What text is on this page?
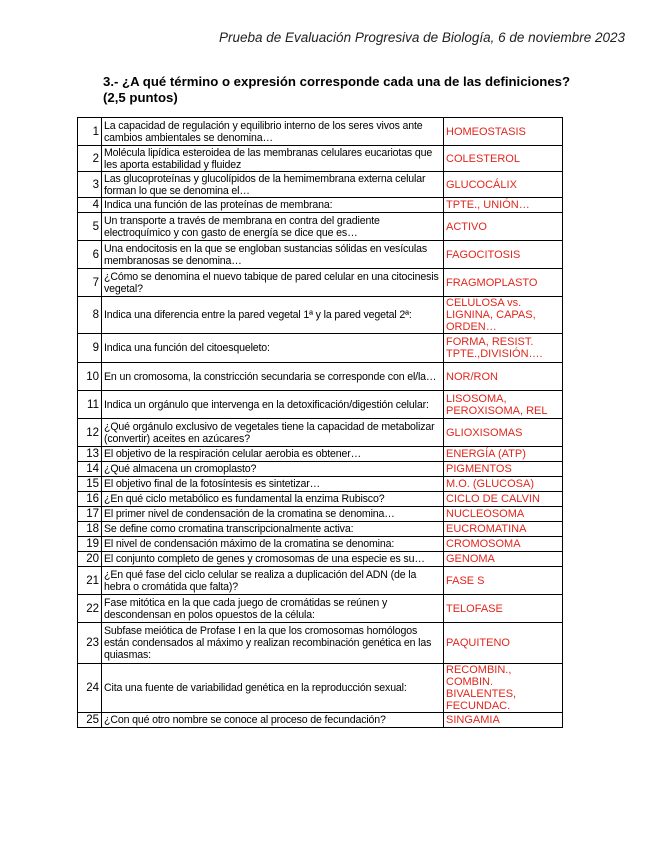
Prueba de Evaluación Progresiva de Biología, 6 de noviembre 2023
3.- ¿A qué término o expresión corresponde cada una de las definiciones?
(2,5 puntos)
1	La capacidad de regulación y equilibrio interno de los seres vivos ante cambios ambientales se denomina…	HOMEOSTASIS
2	Molécula lipídica esteroidea de las membranas celulares eucariotas que les aporta estabilidad y fluidez	COLESTEROL
3	Las glucoproteínas y glucolípidos de la hemimembrana externa celular forman lo que se denomina el…	GLUCOCÁLIX
4	Indica una función de las proteínas de membrana:	TPTE., UNIÓN…
5	Un transporte a través de membrana en contra del gradiente electroquímico y con gasto de energía se dice que es…	ACTIVO
6	Una endocitosis en la que se engloban sustancias sólidas en vesículas membranosas se denomina…	FAGOCITOSIS
7	¿Cómo se denomina el nuevo tabique de pared celular en una citocinesis vegetal?	FRAGMOPLASTO
8	Indica una diferencia entre la pared vegetal 1ª y la pared vegetal 2ª:	CELULOSA vs. LIGNINA, CAPAS, ORDEN…
9	Indica una función del citoesqueleto:	FORMA, RESIST. TPTE.,DIVISIÓN….
10	En un cromosoma, la constricción secundaria se corresponde con el/la…	NOR/RON
11	Indica un orgánulo que intervenga en la detoxificación/digestión celular:	LISOSOMA, PEROXISOMA, REL
12	¿Qué orgánulo exclusivo de vegetales tiene la capacidad de metabolizar (convertir) aceites en azúcares?	GLIOXISOMAS
13	El objetivo de la respiración celular aerobia es obtener…	ENERGÍA (ATP)
14	¿Qué almacena un cromoplasto?	PIGMENTOS
15	El objetivo final de la fotosíntesis es sintetizar…	M.O. (GLUCOSA)
16	¿En qué ciclo metabólico es fundamental la enzima Rubisco?	CICLO DE CALVIN
17	El primer nivel de condensación de la cromatina se denomina…	NUCLEOSOMA
18	Se define como cromatina transcripcionalmente activa:	EUCROMATINA
19	El nivel de condensación máximo de la cromatina se denomina:	CROMOSOMA
20	El conjunto completo de genes y cromosomas de una especie es su…	GENOMA
21	¿En qué fase del ciclo celular se realiza a duplicación del ADN (de la hebra o cromátida que falta)?	FASE S
22	Fase mitótica en la que cada juego de cromátidas se reúnen y descondensan en polos opuestos de la célula:	TELOFASE
23	Subfase meiótica de Profase I en la que los cromosomas homólogos están condensados al máximo y realizan recombinación genética en las quiasmas:	PAQUITENO
24	Cita una fuente de variabilidad genética en la reproducción sexual:	RECOMBIN., COMBIN. BIVALENTES, FECUNDAC.
25	¿Con qué otro nombre se conoce al proceso de fecundación?	SINGAMIA
